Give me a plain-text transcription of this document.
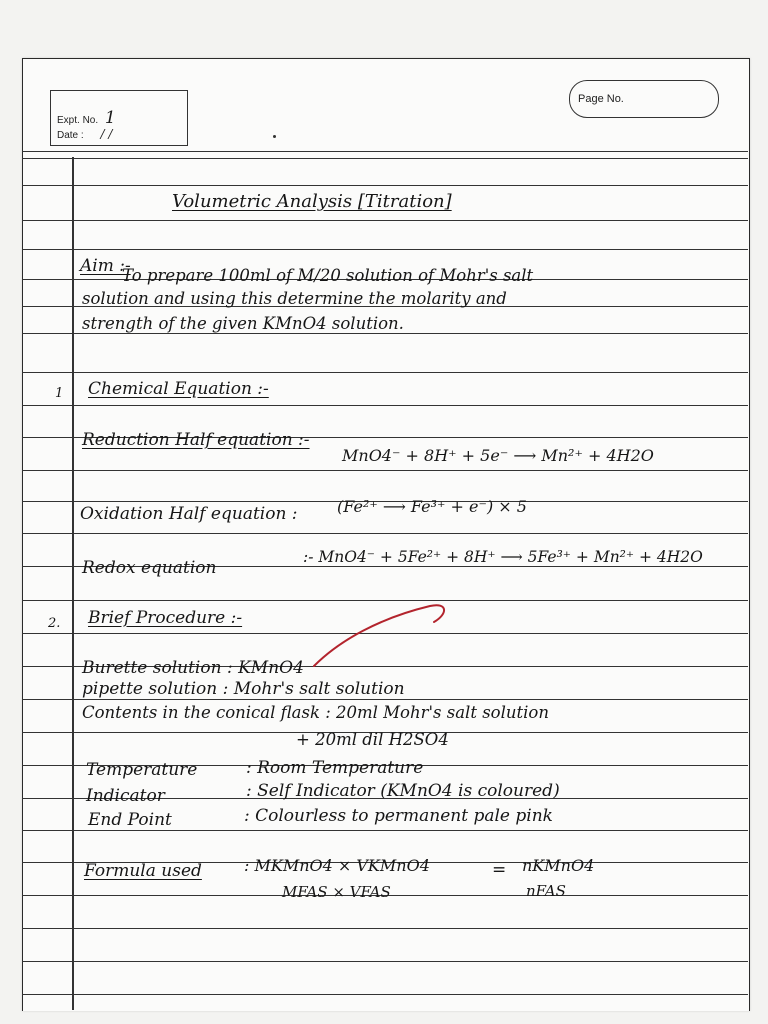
Expt. No. 1
Date : / /
Page No.
Volumetric Analysis [Titration]
Aim :-
To prepare 100ml of M/20 solution of Mohr's salt
solution and using this determine the molarity and
strength of the given KMnO4 solution.
1 Chemical Equation :-
Reduction Half equation :-
MnO4⁻ + 8H⁺ + 5e⁻ ⟶ Mn²⁺ + 4H2O
Oxidation Half equation : (Fe²⁺ ⟶ Fe³⁺ + e⁻) × 5
Redox equation
:- MnO4⁻ + 5Fe²⁺ + 8H⁺ ⟶ 5Fe³⁺ + Mn²⁺ + 4H2O
2. Brief Procedure :-
Burette solution : KMnO4
pipette solution : Mohr's salt solution
Contents in the conical flask : 20ml Mohr's salt solution
+ 20ml dil H2SO4
Temperature	: Room Temperature
Indicator	: Self Indicator (KMnO4 is coloured)
End Point	: Colourless to permanent pale pink
Formula used	: MKMnO4 × VKMnO4
MFAS × VFAS
= nKMnO4
nFAS
